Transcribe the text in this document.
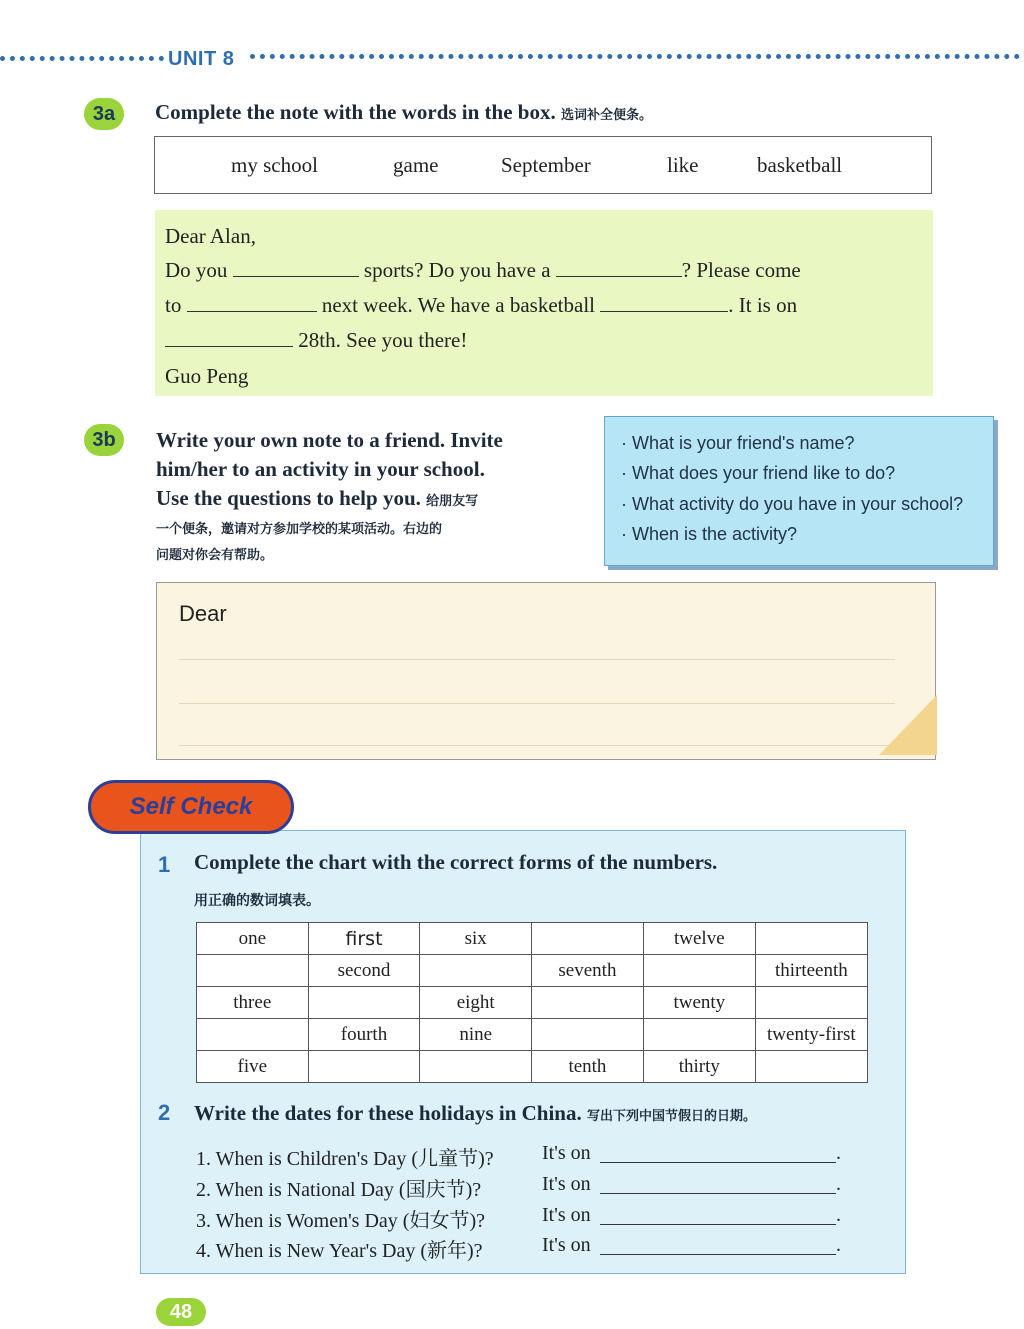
UNIT 8
3a	Complete the note with the words in the box. 选词补全便条。
my school	game	September	like	basketball
Dear Alan,
Do you	sports? Do you have a	? Please come
to	next week. We have a basketball	. It is on
28th. See you there!
Guo Peng
3b	Write your own note to a friend. Invite
him/her to an activity in your school.
Use the questions to help you. 给朋友写
一个便条，邀请对方参加学校的某项活动。右边的
问题对你会有帮助。
· What is your friend's name?
· What does your friend like to do?
· What activity do you have in your school?
· When is the activity?
Dear
Self Check
1 Complete the chart with the correct forms of the numbers.
用正确的数词填表。
one	first	six		twelve	
	second		seventh		thirteenth
three		eight		twenty	
	fourth	nine			twenty-first
five			tenth	thirty	
2 Write the dates for these holidays in China. 写出下列中国节假日的日期。
1. When is Children's Day (儿童节)? It's on	.
2. When is National Day (国庆节)?	It's on	.
3. When is Women's Day (妇女节)?	It's on	.
4. When is New Year's Day (新年)?	It's on	.
48
